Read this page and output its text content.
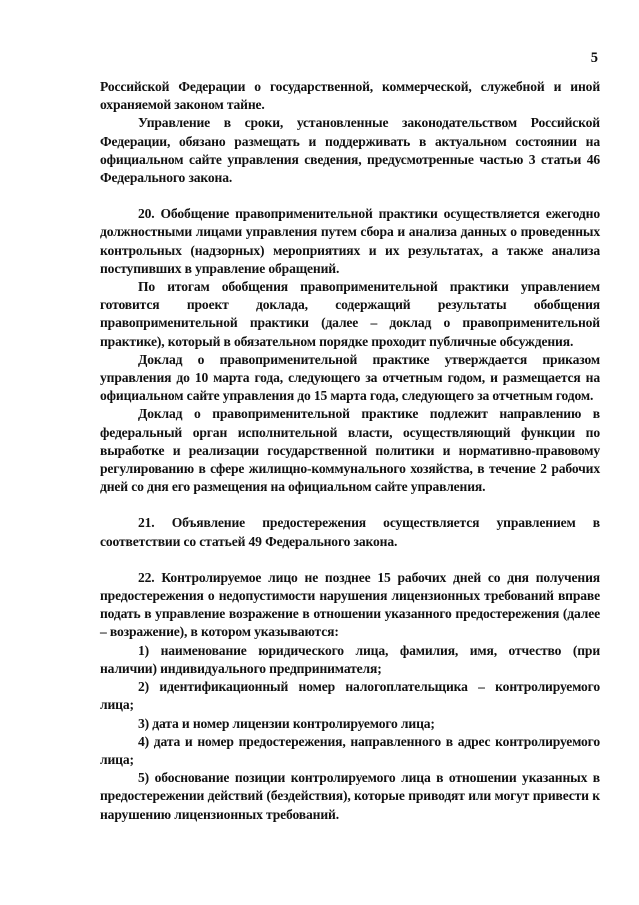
5

Российской Федерации о государственной, коммерческой, служебной и иной охраняемой законом тайне.

Управление в сроки, установленные законодательством Российской Федерации, обязано размещать и поддерживать в актуальном состоянии на официальном сайте управления сведения, предусмотренные частью 3 статьи 46 Федерального закона.

20. Обобщение правоприменительной практики осуществляется ежегодно должностными лицами управления путем сбора и анализа данных о проведенных контрольных (надзорных) мероприятиях и их результатах, а также анализа поступивших в управление обращений.

По итогам обобщения правоприменительной практики управлением готовится проект доклада, содержащий результаты обобщения правоприменительной практики (далее – доклад о правоприменительной практике), который в обязательном порядке проходит публичные обсуждения.

Доклад о правоприменительной практике утверждается приказом управления до 10 марта года, следующего за отчетным годом, и размещается на официальном сайте управления до 15 марта года, следующего за отчетным годом.

Доклад о правоприменительной практике подлежит направлению в федеральный орган исполнительной власти, осуществляющий функции по выработке и реализации государственной политики и нормативно-правовому регулированию в сфере жилищно-коммунального хозяйства, в течение 2 рабочих дней со дня его размещения на официальном сайте управления.

21. Объявление предостережения осуществляется управлением в соответствии со статьей 49 Федерального закона.

22. Контролируемое лицо не позднее 15 рабочих дней со дня получения предостережения о недопустимости нарушения лицензионных требований вправе подать в управление возражение в отношении указанного предостережения (далее – возражение), в котором указываются:

1) наименование юридического лица, фамилия, имя, отчество (при наличии) индивидуального предпринимателя;
2) идентификационный номер налогоплательщика – контролируемого лица;
3) дата и номер лицензии контролируемого лица;
4) дата и номер предостережения, направленного в адрес контролируемого лица;
5) обоснование позиции контролируемого лица в отношении указанных в предостережении действий (бездействия), которые приводят или могут привести к нарушению лицензионных требований.
